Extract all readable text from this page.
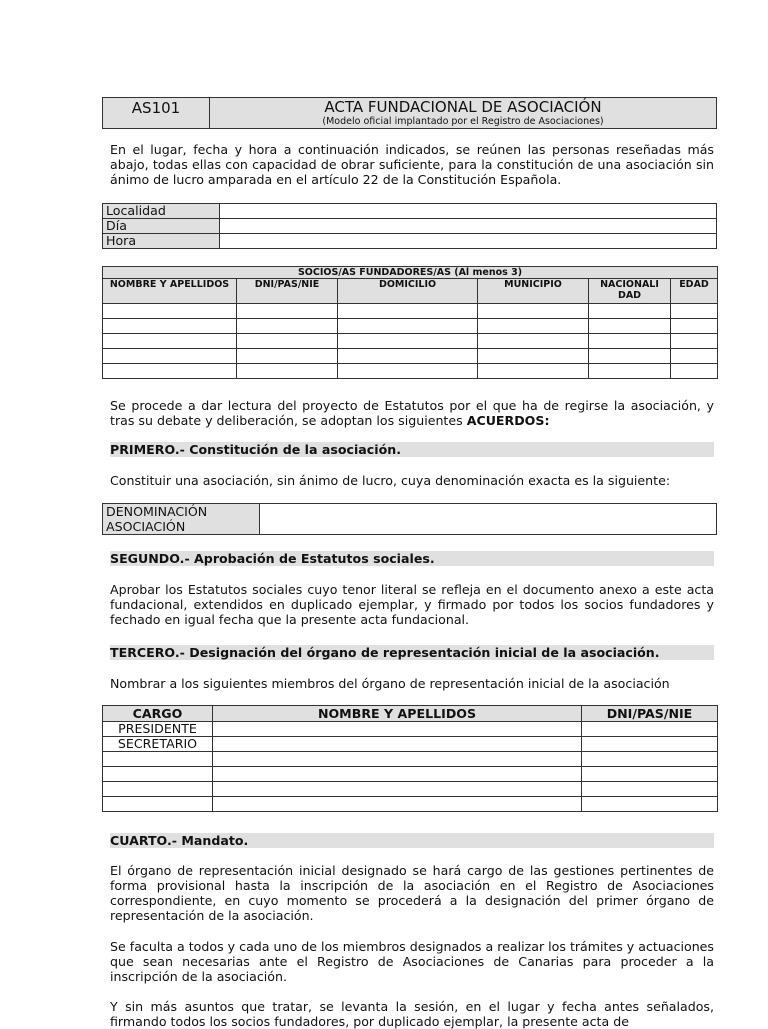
AS101	ACTA FUNDACIONAL DE ASOCIACIÓN
(Modelo oficial implantado por el Registro de Asociaciones)

En el lugar, fecha y hora a continuación indicados, se reúnen las personas reseñadas más abajo, todas ellas con capacidad de obrar suficiente, para la constitución de una asociación sin ánimo de lucro amparada en el artículo 22 de la Constitución Española.

Localidad	
Día	
Hora	
SOCIOS/AS FUNDADORES/AS (Al menos 3)					
NOMBRE Y APELLIDOS	DNI/PAS/NIE	DOMICILIO	MUNICIPIO	NACIONALI DAD	EDAD

Se procede a dar lectura del proyecto de Estatutos por el que ha de regirse la asociación, y tras su debate y deliberación, se adoptan los siguientes ACUERDOS:

PRIMERO.- Constitución de la asociación.

Constituir una asociación, sin ánimo de lucro, cuya denominación exacta es la siguiente:

DENOMINACIÓN ASOCIACIÓN	
SEGUNDO.- Aprobación de Estatutos sociales.

Aprobar los Estatutos sociales cuyo tenor literal se refleja en el documento anexo a este acta fundacional, extendidos en duplicado ejemplar, y firmado por todos los socios fundadores y fechado en igual fecha que la presente acta fundacional.

TERCERO.- Designación del órgano de representación inicial de la asociación.

Nombrar a los siguientes miembros del órgano de representación inicial de la asociación

CARGO	NOMBRE Y APELLIDOS	DNI/PAS/NIE
PRESIDENTE		
SECRETARIO		

CUARTO.- Mandato.

El órgano de representación inicial designado se hará cargo de las gestiones pertinentes de forma provisional hasta la inscripción de la asociación en el Registro de Asociaciones correspondiente, en cuyo momento se procederá a la designación del primer órgano de representación de la asociación.

Se faculta a todos y cada uno de los miembros designados a realizar los trámites y actuaciones que sean necesarias ante el Registro de Asociaciones de Canarias para proceder a la inscripción de la asociación.

Y sin más asuntos que tratar, se levanta la sesión, en el lugar y fecha antes señalados, firmando todos los socios fundadores, por duplicado ejemplar, la presente acta de
